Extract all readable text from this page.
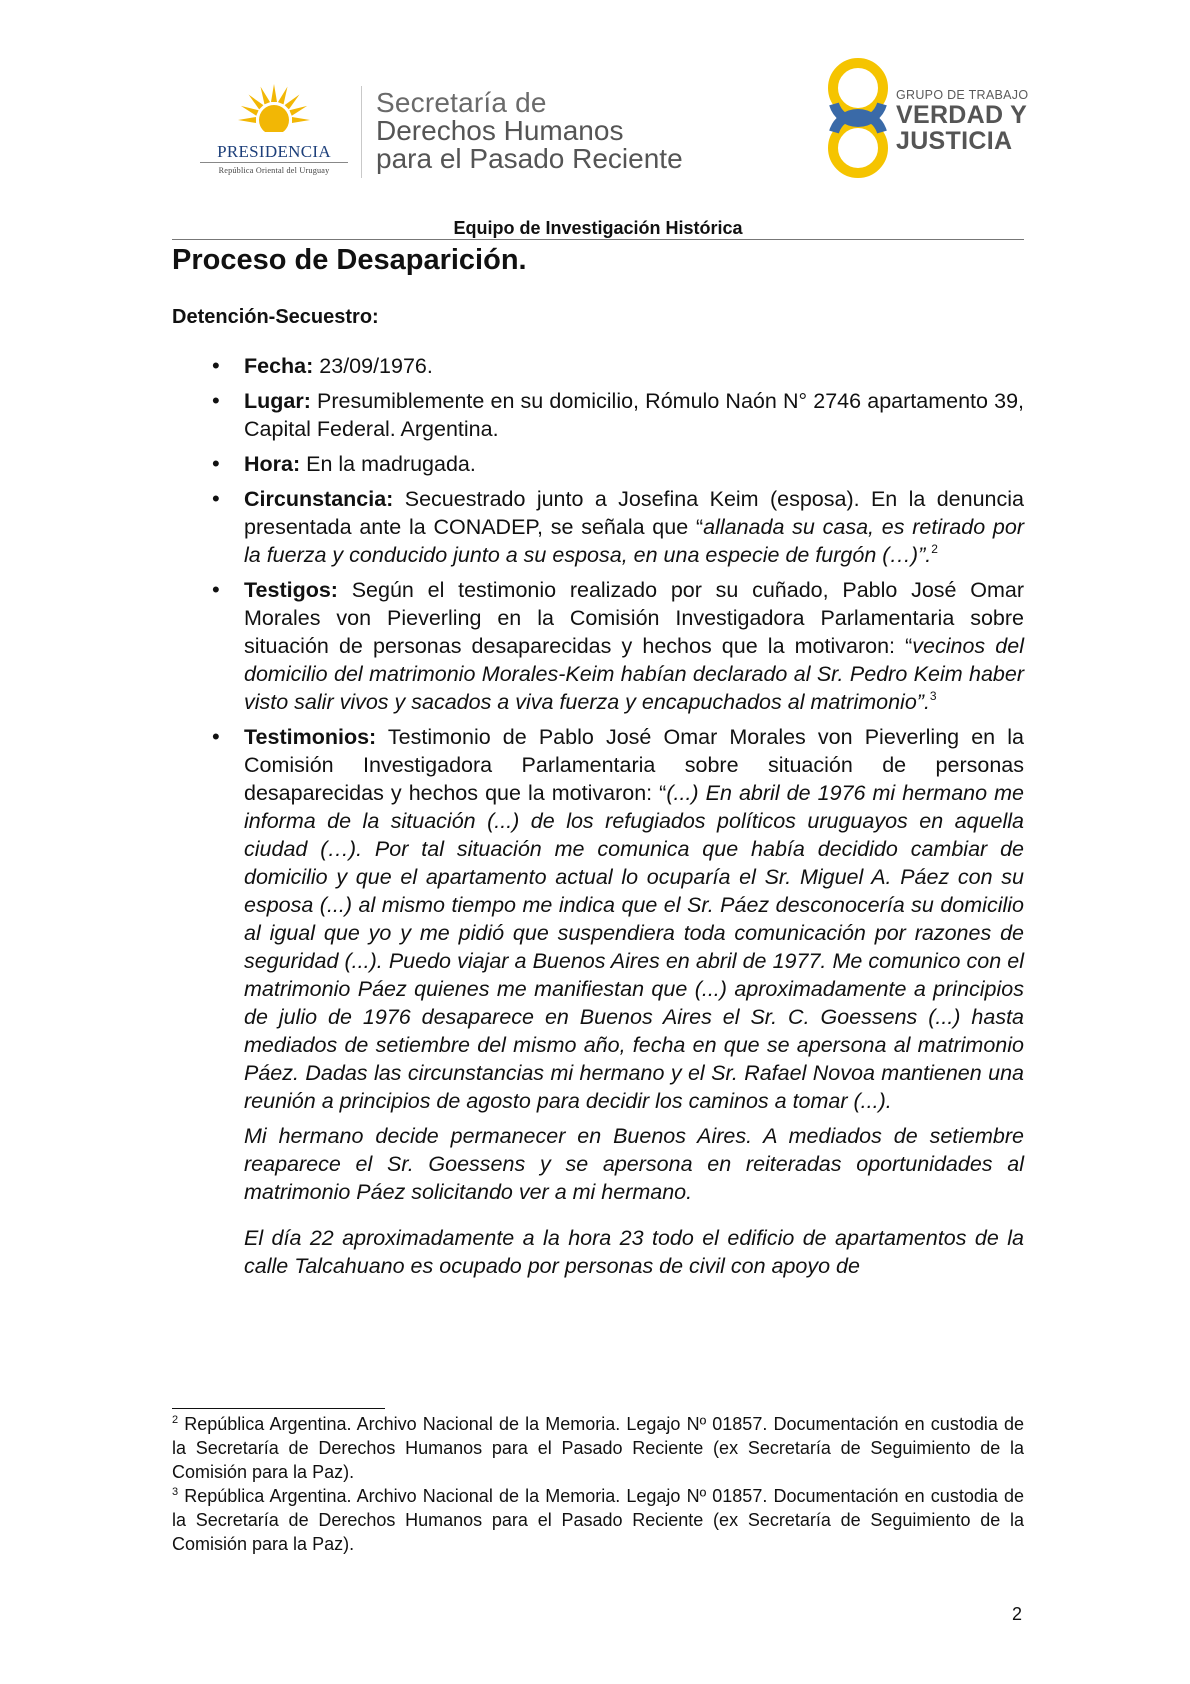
PRESIDENCIA
República Oriental del Uruguay
Secretaría de
Derechos Humanos
para el Pasado Reciente
GRUPO DE TRABAJO
VERDAD Y
JUSTICIA
Equipo de Investigación Histórica
Proceso de Desaparición.
Detención-Secuestro:
• Fecha: 23/09/1976.
• Lugar: Presumiblemente en su domicilio, Rómulo Naón N° 2746 apartamento 39, Capital Federal. Argentina.
• Hora: En la madrugada.
• Circunstancia: Secuestrado junto a Josefina Keim (esposa). En la denuncia presentada ante la CONADEP, se señala que “allanada su casa, es retirado por la fuerza y conducido junto a su esposa, en una especie de furgón (…)”.$^2$
• Testigos: Según el testimonio realizado por su cuñado, Pablo José Omar Morales von Pieverling en la Comisión Investigadora Parlamentaria sobre situación de personas desaparecidas y hechos que la motivaron: “vecinos del domicilio del matrimonio Morales-Keim habían declarado al Sr. Pedro Keim haber visto salir vivos y sacados a viva fuerza y encapuchados al matrimonio”.$^3$
• Testimonios: Testimonio de Pablo José Omar Morales von Pieverling en la Comisión Investigadora Parlamentaria sobre situación de personas desaparecidas y hechos que la motivaron: “(...) En abril de 1976 mi hermano me informa de la situación (...) de los refugiados políticos uruguayos en aquella ciudad (…). Por tal situación me comunica que había decidido cambiar de domicilio y que el apartamento actual lo ocuparía el Sr. Miguel A. Páez con su esposa (...) al mismo tiempo me indica que el Sr. Páez desconocería su domicilio al igual que yo y me pidió que suspendiera toda comunicación por razones de seguridad (...). Puedo viajar a Buenos Aires en abril de 1977. Me comunico con el matrimonio Páez quienes me manifiestan que (...) aproximadamente a principios de julio de 1976 desaparece en Buenos Aires el Sr. C. Goessens (...) hasta mediados de setiembre del mismo año, fecha en que se apersona al matrimonio Páez. Dadas las circunstancias mi hermano y el Sr. Rafael Novoa mantienen una reunión a principios de agosto para decidir los caminos a tomar (...).

Mi hermano decide permanecer en Buenos Aires. A mediados de setiembre reaparece el Sr. Goessens y se apersona en reiteradas oportunidades al matrimonio Páez solicitando ver a mi hermano.

El día 22 aproximadamente a la hora 23 todo el edificio de apartamentos de la calle Talcahuano es ocupado por personas de civil con apoyo de

$^2$ República Argentina. Archivo Nacional de la Memoria. Legajo Nº 01857. Documentación en custodia de la Secretaría de Derechos Humanos para el Pasado Reciente (ex Secretaría de Seguimiento de la Comisión para la Paz).

$^3$ República Argentina. Archivo Nacional de la Memoria. Legajo Nº 01857. Documentación en custodia de la Secretaría de Derechos Humanos para el Pasado Reciente (ex Secretaría de Seguimiento de la Comisión para la Paz).

2
